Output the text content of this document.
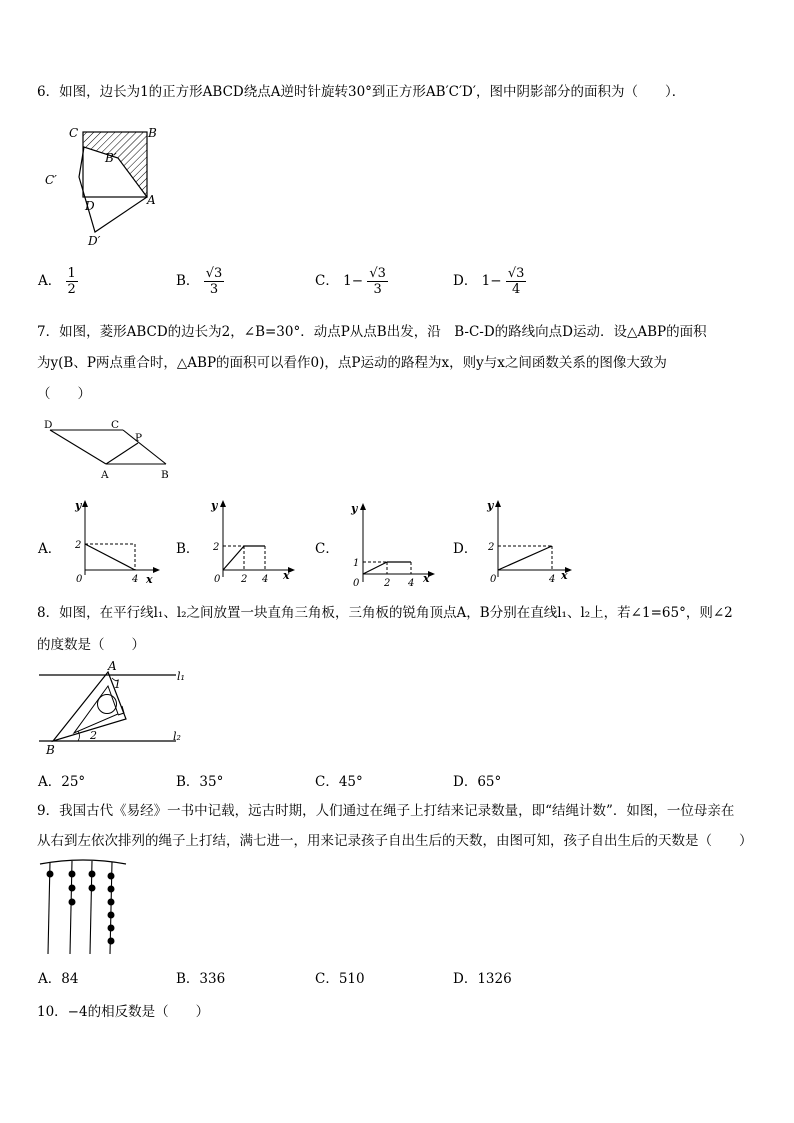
6．如图，边长为1的正方形ABCD绕点A逆时针旋转30°到正方形AB′C′D′，图中阴影部分的面积为（　　）．
C	B
B′
C′
D	A
D′
A． $\frac{1}{2}$	B． $\frac{√3}{3}$	C． $1- \frac{√3}{3}$	D． $1- \frac{√3}{4}$
7．如图，菱形ABCD的边长为2，∠B=30°．动点P从点B出发，沿　B-C-D的路线向点D运动．设△ABP的面积
为y(B、P两点重合时，△ABP的面积可以看作0)，点P运动的路程为x，则y与x之间函数关系的图像大致为
（　　）
D	C
P
A	B
A．
y
x
0
2
4
B．
y
x
0
2
2 4
C．
y
x
0
1
2 4
D．
y
x
0
2
4
8．如图，在平行线l₁、l₂之间放置一块直角三角板，三角板的锐角顶点A，B分别在直线l₁、l₂上，若∠1=65°，则∠2
的度数是（　　）
A
B
1
2
l₁
l₂
A．25°	B．35°	C．45°	D．65°
9．我国古代《易经》一书中记载，远古时期，人们通过在绳子上打结来记录数量，即“结绳计数”．如图，一位母亲在
从右到左依次排列的绳子上打结，满七进一，用来记录孩子自出生后的天数，由图可知，孩子自出生后的天数是（　　）
A．84	B．336	C．510	D．1326
10．−4的相反数是（　　）
